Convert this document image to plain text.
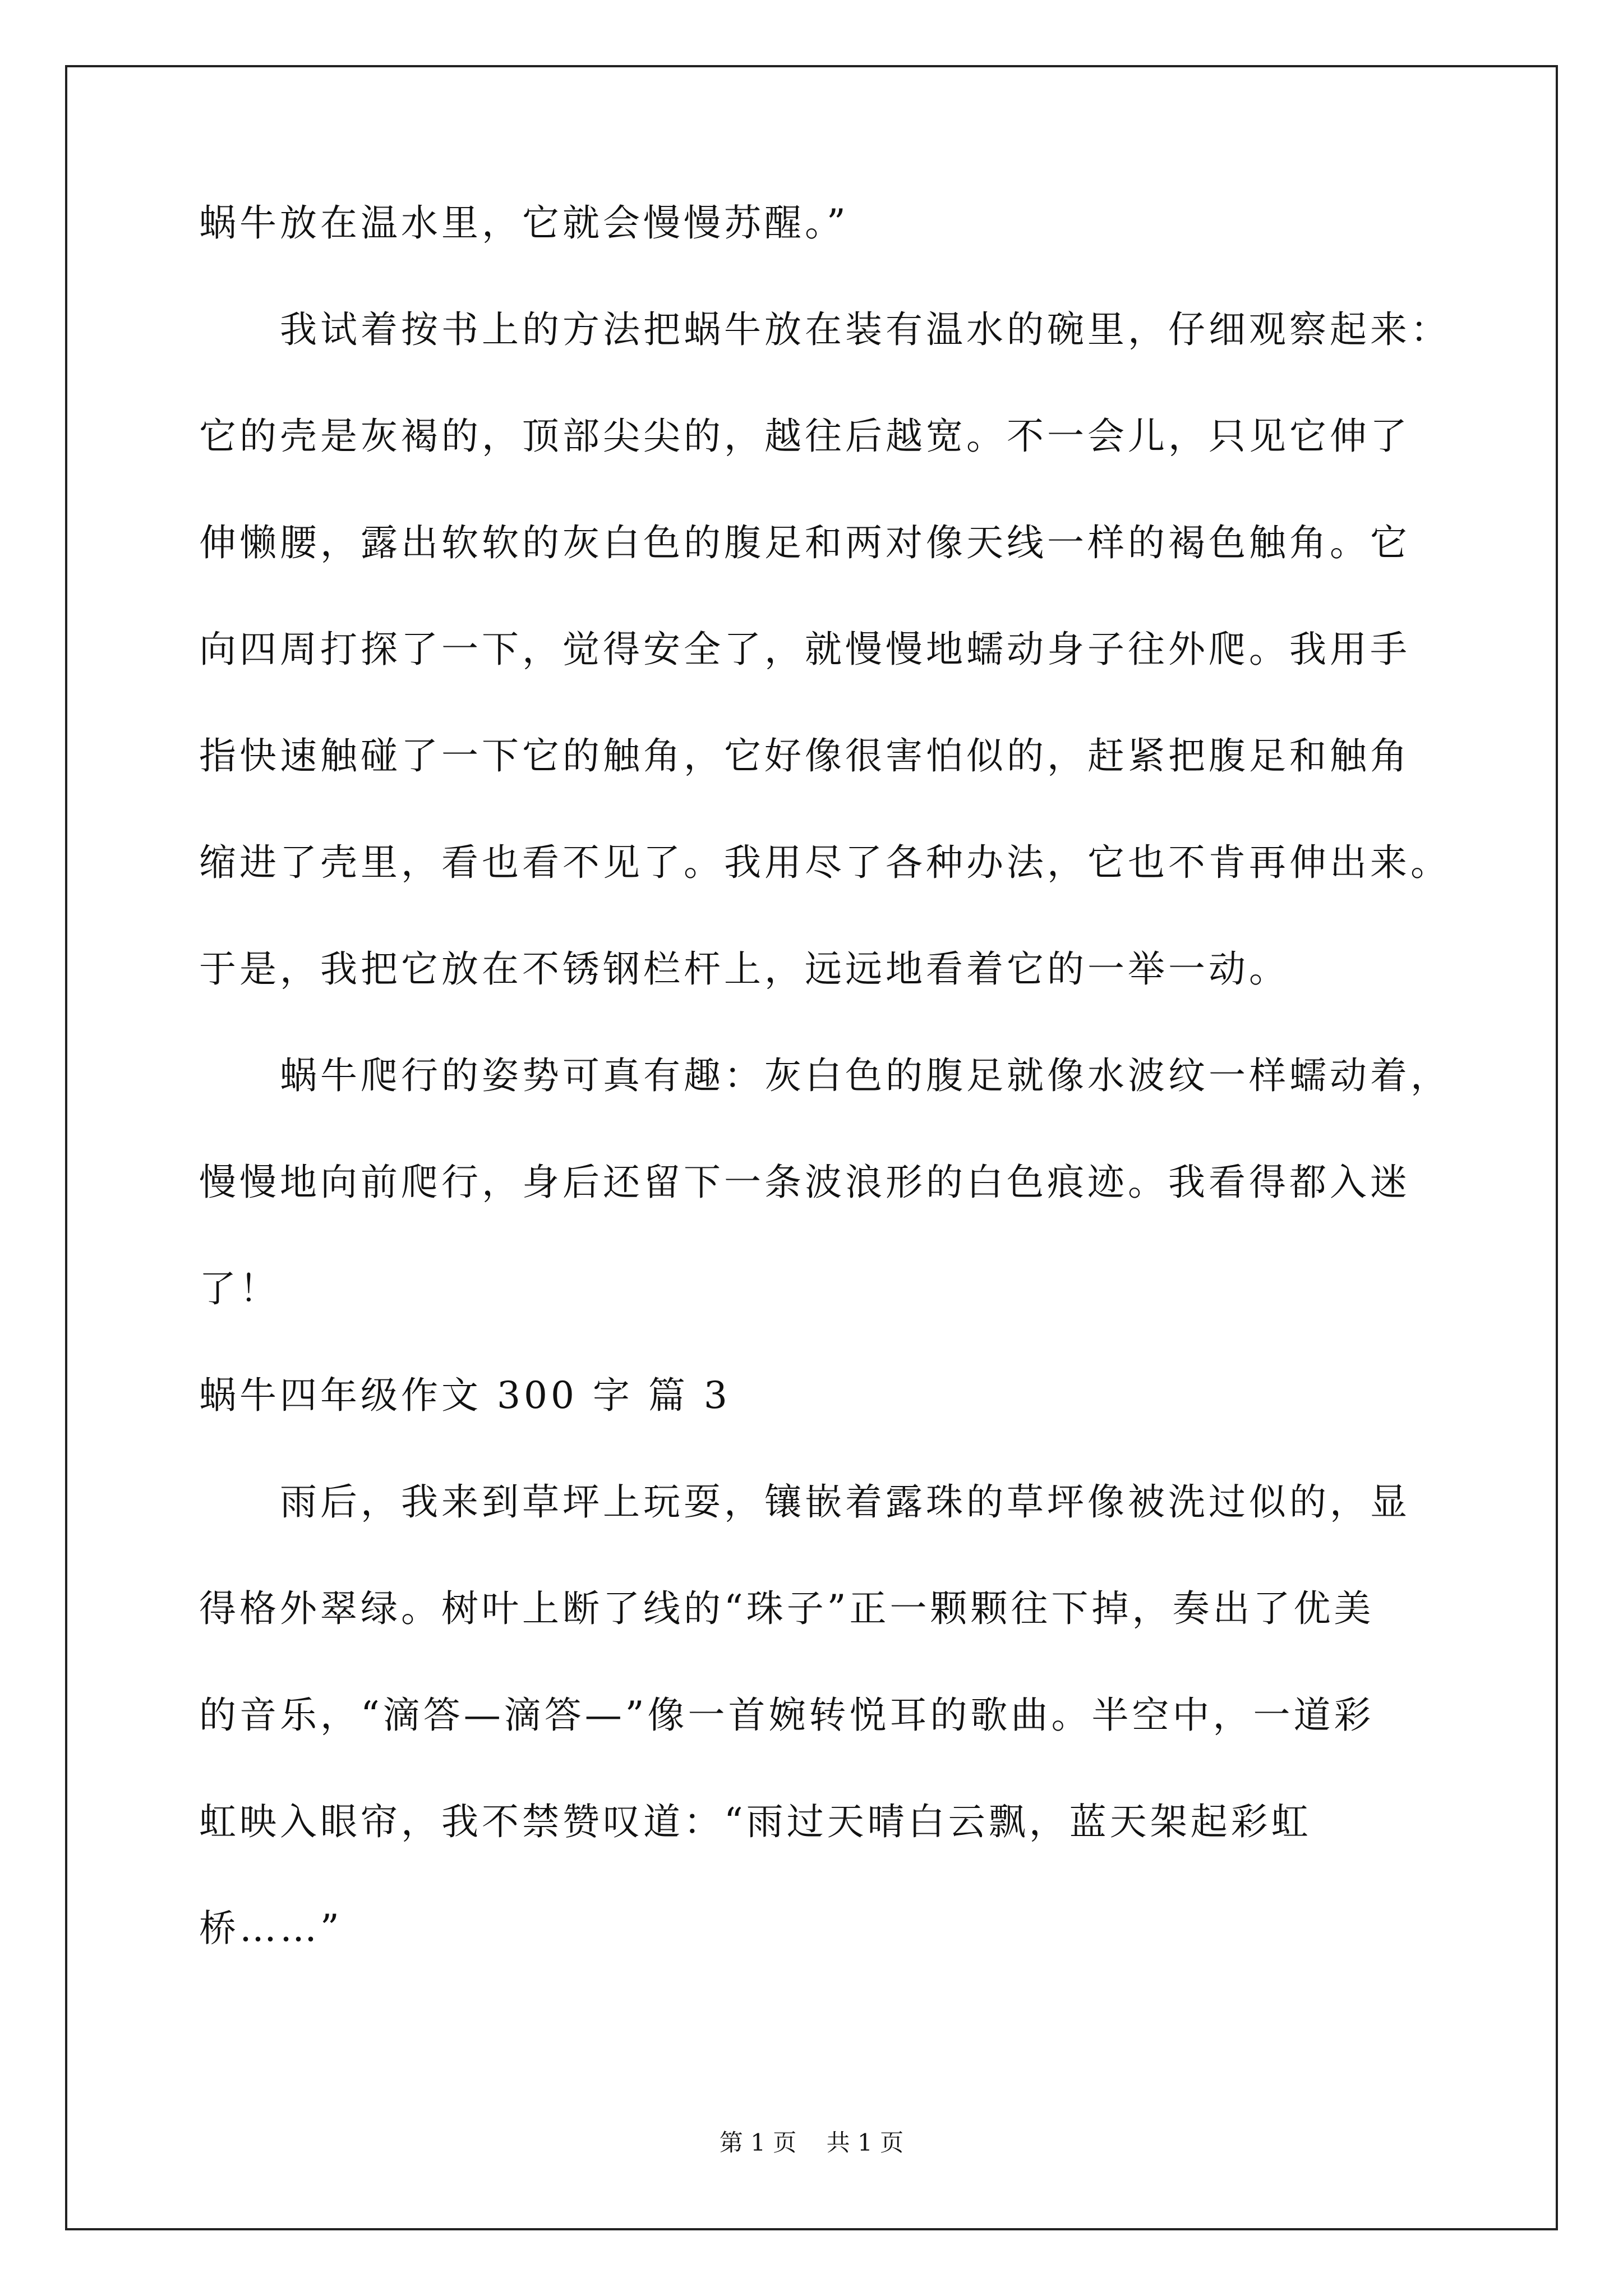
蜗牛放在温水里，它就会慢慢苏醒。”
　　我试着按书上的方法把蜗牛放在装有温水的碗里，仔细观察起来：
它的壳是灰褐的，顶部尖尖的，越往后越宽。不一会儿，只见它伸了
伸懒腰，露出软软的灰白色的腹足和两对像天线一样的褐色触角。它
向四周打探了一下，觉得安全了，就慢慢地蠕动身子往外爬。我用手
指快速触碰了一下它的触角，它好像很害怕似的，赶紧把腹足和触角
缩进了壳里，看也看不见了。我用尽了各种办法，它也不肯再伸出来。
于是，我把它放在不锈钢栏杆上，远远地看着它的一举一动。
　　蜗牛爬行的姿势可真有趣：灰白色的腹足就像水波纹一样蠕动着，
慢慢地向前爬行，身后还留下一条波浪形的白色痕迹。我看得都入迷
了！
蜗牛四年级作文 300 字 篇 3
　　雨后，我来到草坪上玩耍，镶嵌着露珠的草坪像被洗过似的，显
得格外翠绿。树叶上断了线的“珠子”正一颗颗往下掉，奏出了优美
的音乐，“滴答—滴答—”像一首婉转悦耳的歌曲。半空中，一道彩
虹映入眼帘，我不禁赞叹道：“雨过天晴白云飘，蓝天架起彩虹
桥……”
第 1 页 共 1 页
